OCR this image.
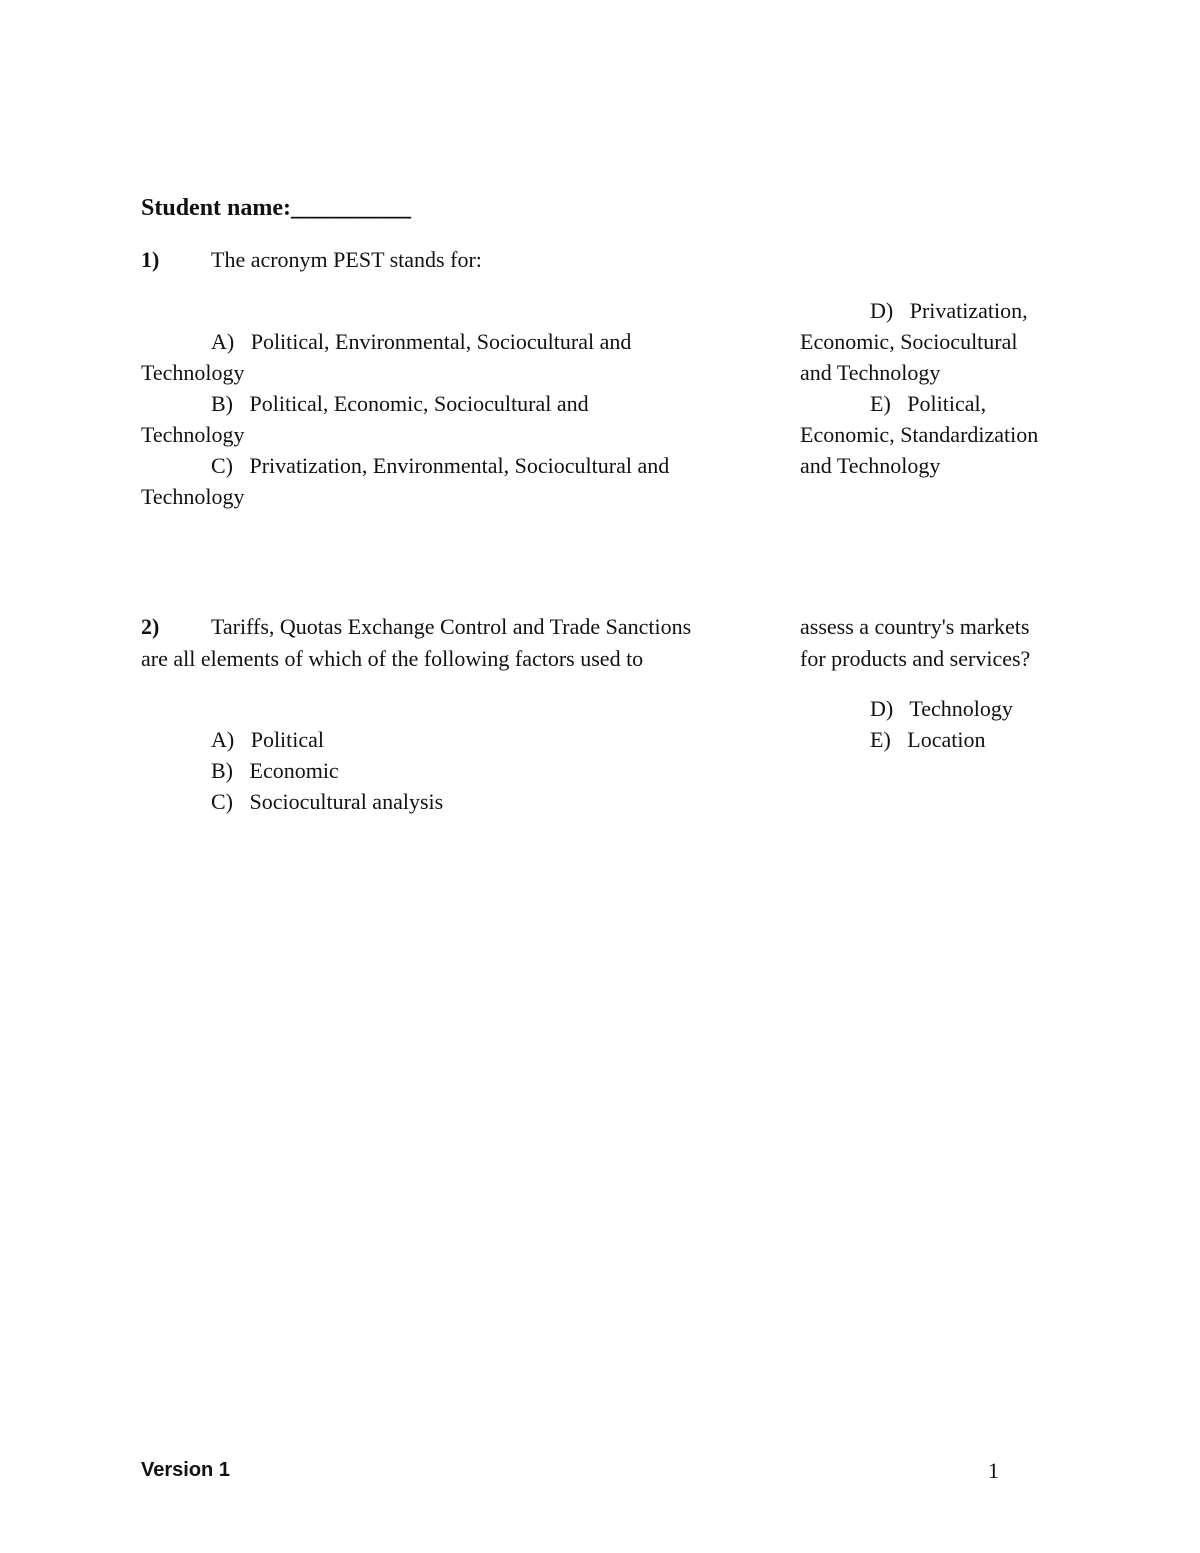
Student name:__________
1) The acronym PEST stands for:
A)   Political, Environmental, Sociocultural and
Technology
B)   Political, Economic, Sociocultural and
Technology
C)   Privatization, Environmental, Sociocultural and
Technology
D)   Privatization,
Economic, Sociocultural
and Technology
E)   Political,
Economic, Standardization
and Technology
2) Tariffs, Quotas Exchange Control and Trade Sanctions
are all elements of which of the following factors used to
assess a country's markets
for products and services?
A)   Political
B)   Economic
C)   Sociocultural analysis
D)   Technology
E)   Location
Version 1	1
